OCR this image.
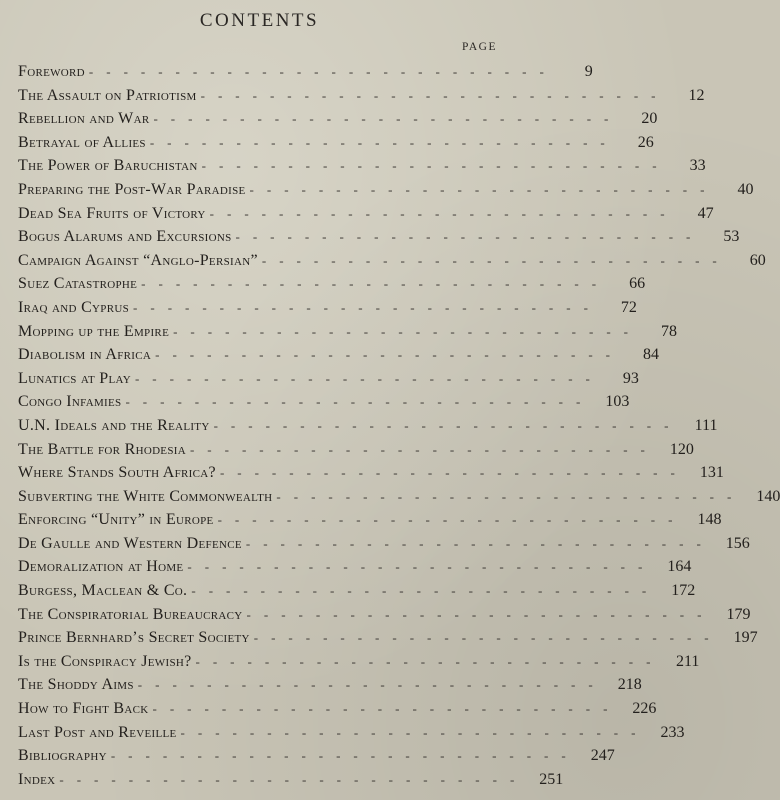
CONTENTS
PAGE
Foreword ---------------------------	9
The Assault on Patriotism ---------------------------	12
Rebellion and War ---------------------------	20
Betrayal of Allies ---------------------------	26
The Power of Baruchistan ---------------------------	33
Preparing the Post-War Paradise ---------------------------	40
Dead Sea Fruits of Victory ---------------------------	47
Bogus Alarums and Excursions ---------------------------	53
Campaign Against “Anglo-Persian” ---------------------------	60
Suez Catastrophe ---------------------------	66
Iraq and Cyprus ---------------------------	72
Mopping up the Empire ---------------------------	78
Diabolism in Africa ---------------------------	84
Lunatics at Play ---------------------------	93
Congo Infamies --------------------------- 103
U.N. Ideals and the Reality --------------------------- 111
The Battle for Rhodesia --------------------------- 120
Where Stands South Africa? --------------------------- 131
Subverting the White Commonwealth --------------------------- 140
Enforcing “Unity” in Europe --------------------------- 148
De Gaulle and Western Defence --------------------------- 156
Demoralization at Home --------------------------- 164
Burgess, Maclean & Co. --------------------------- 172
The Conspiratorial Bureaucracy --------------------------- 179
Prince Bernhard’s Secret Society --------------------------- 197
Is the Conspiracy Jewish? --------------------------- 211
The Shoddy Aims --------------------------- 218
How to Fight Back --------------------------- 226
Last Post and Reveille --------------------------- 233
Bibliography --------------------------- 247
Index --------------------------- 251
